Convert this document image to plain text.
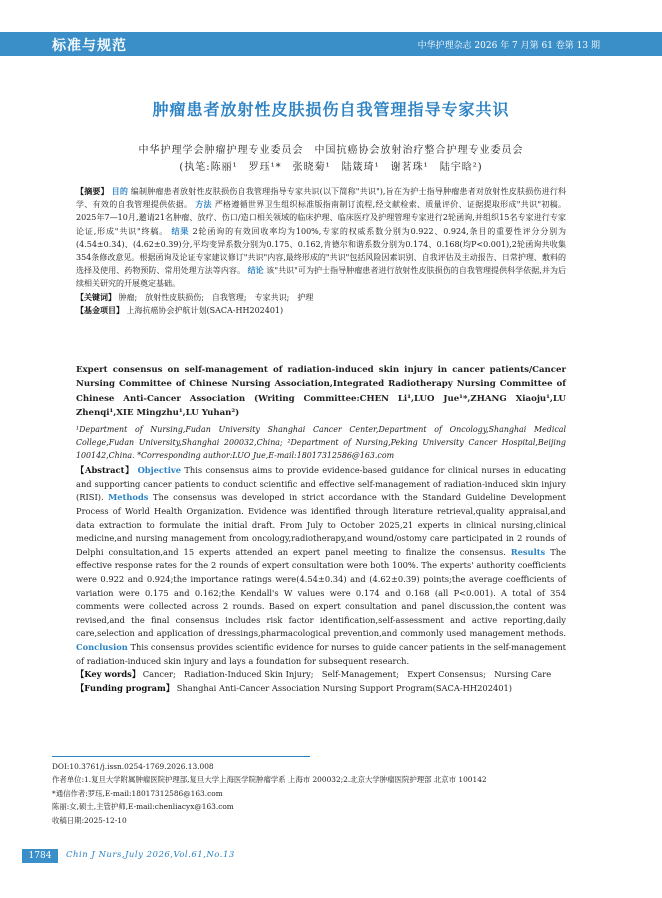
标准与规范	中华护理杂志 2026 年 7 月第 61 卷第 13 期
肿瘤患者放射性皮肤损伤自我管理指导专家共识
中华护理学会肿瘤护理专业委员会　中国抗癌协会放射治疗整合护理专业委员会
(执笔:陈丽¹　罗珏¹*　张晓菊¹　陆箴琦¹　谢茗珠¹　陆宇晗²)

【摘要】 目的 编制肿瘤患者放射性皮肤损伤自我管理指导专家共识(以下简称"共识"),旨在为护士指导肿瘤患者对放射性皮肤损伤进行科学、有效的自我管理提供依据。 方法 严格遵循世界卫生组织标准版指南制订流程,经文献检索、质量评价、证据提取形成"共识"初稿。2025年7—10月,邀请21名肿瘤、放疗、伤口/造口相关领域的临床护理、临床医疗及护理管理专家进行2轮函询,并组织15名专家进行专家论证,形成"共识"终稿。 结果 2轮函询的有效回收率均为100%,专家的权威系数分别为0.922、0.924,条目的重要性评分分别为(4.54±0.34)、(4.62±0.39)分,平均变异系数分别为0.175、0.162,肯德尔和谐系数分别为0.174、0.168(均P<0.001),2轮函询共收集354条修改意见。根据函询及论证专家建议修订"共识"内容,最终形成的"共识"包括风险因素识别、自我评估及主动报告、日常护理、敷料的选择及使用、药物预防、常用处理方法等内容。 结论 该"共识"可为护士指导肿瘤患者进行放射性皮肤损伤的自我管理提供科学依据,并为后续相关研究的开展奠定基础。

【关键词】 肿瘤;　放射性皮肤损伤;　自我管理;　专家共识;　护理

【基金项目】 上海抗癌协会护航计划(SACA-HH202401)

Expert consensus on self-management of radiation-induced skin injury in cancer patients/Cancer Nursing Committee of Chinese Nursing Association,Integrated Radiotherapy Nursing Committee of Chinese Anti-Cancer Association (Writing Committee:CHEN Li¹,LUO Jue¹*,ZHANG Xiaoju¹,LU Zhenqi¹,XIE Mingzhu¹,LU Yuhan²)

¹Department of Nursing,Fudan University Shanghai Cancer Center,Department of Oncology,Shanghai Medical College,Fudan University,Shanghai 200032,China; ²Department of Nursing,Peking University Cancer Hospital,Beijing 100142,China. *Corresponding author:LUO Jue,E-mail:18017312586@163.com

【Abstract】 Objective This consensus aims to provide evidence-based guidance for clinical nurses in educating and supporting cancer patients to conduct scientific and effective self-management of radiation-induced skin injury (RISI). Methods The consensus was developed in strict accordance with the Standard Guideline Development Process of World Health Organization. Evidence was identified through literature retrieval,quality appraisal,and data extraction to formulate the initial draft. From July to October 2025,21 experts in clinical nursing,clinical medicine,and nursing management from oncology,radiotherapy,and wound/ostomy care participated in 2 rounds of Delphi consultation,and 15 experts attended an expert panel meeting to finalize the consensus. Results The effective response rates for the 2 rounds of expert consultation were both 100%. The experts' authority coefficients were 0.922 and 0.924;the importance ratings were(4.54±0.34) and (4.62±0.39) points;the average coefficients of variation were 0.175 and 0.162;the Kendall's W values were 0.174 and 0.168 (all P<0.001). A total of 354 comments were collected across 2 rounds. Based on expert consultation and panel discussion,the content was revised,and the final consensus includes risk factor identification,self-assessment and active reporting,daily care,selection and application of dressings,pharmacological prevention,and commonly used management methods. Conclusion This consensus provides scientific evidence for nurses to guide cancer patients in the self-management of radiation-induced skin injury and lays a foundation for subsequent research.

【Key words】 Cancer;　Radiation-Induced Skin Injury;　Self-Management;　Expert Consensus;　Nursing Care

【Funding program】 Shanghai Anti-Cancer Association Nursing Support Program(SACA-HH202401)

DOI:10.3761/j.issn.0254-1769.2026.13.008
作者单位:1.复旦大学附属肿瘤医院护理部,复旦大学上海医学院肿瘤学系 上海市 200032;2.北京大学肿瘤医院护理部 北京市 100142
*通信作者:罗珏,E-mail:18017312586@163.com
陈丽:女,硕士,主管护师,E-mail:chenliacyx@163.com
收稿日期:2025-12-10
1784	Chin J Nurs,July 2026,Vol.61,No.13
